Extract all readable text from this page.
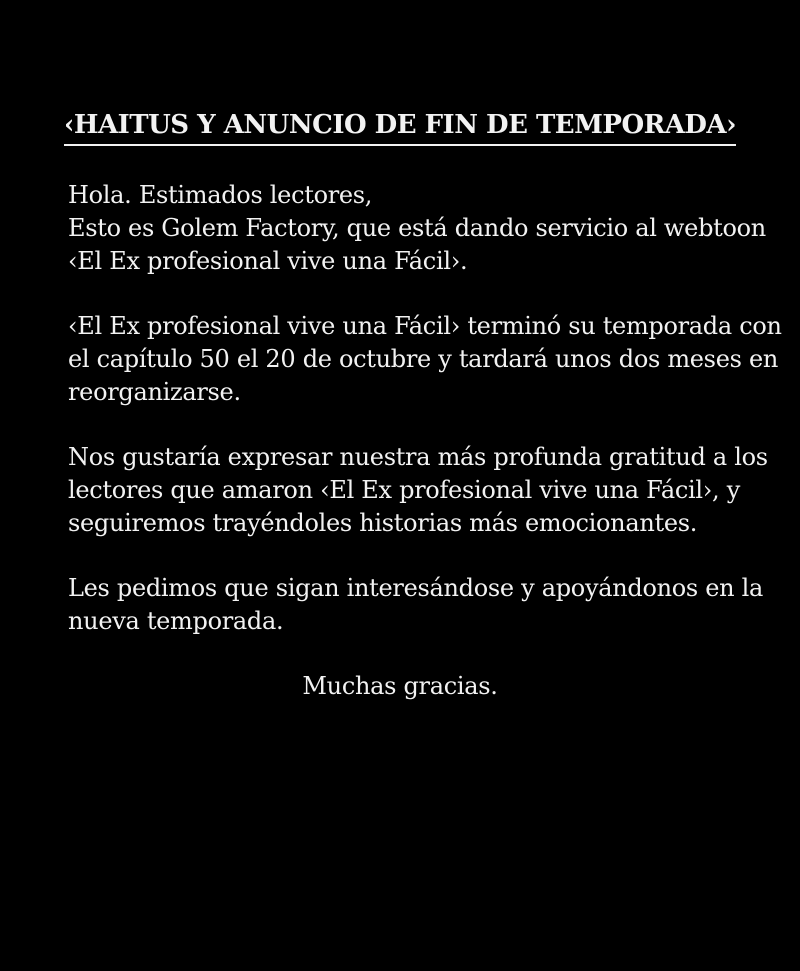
‹HAITUS Y ANUNCIO DE FIN DE TEMPORADA›
Hola. Estimados lectores,
Esto es Golem Factory, que está dando servicio al webtoon
‹El Ex profesional vive una Fácil›.
‹El Ex profesional vive una Fácil› terminó su temporada con
el capítulo 50 el 20 de octubre y tardará unos dos meses en
reorganizarse.
Nos gustaría expresar nuestra más profunda gratitud a los
lectores que amaron ‹El Ex profesional vive una Fácil›, y
seguiremos trayéndoles historias más emocionantes.
Les pedimos que sigan interesándose y apoyándonos en la
nueva temporada.
Muchas gracias.
